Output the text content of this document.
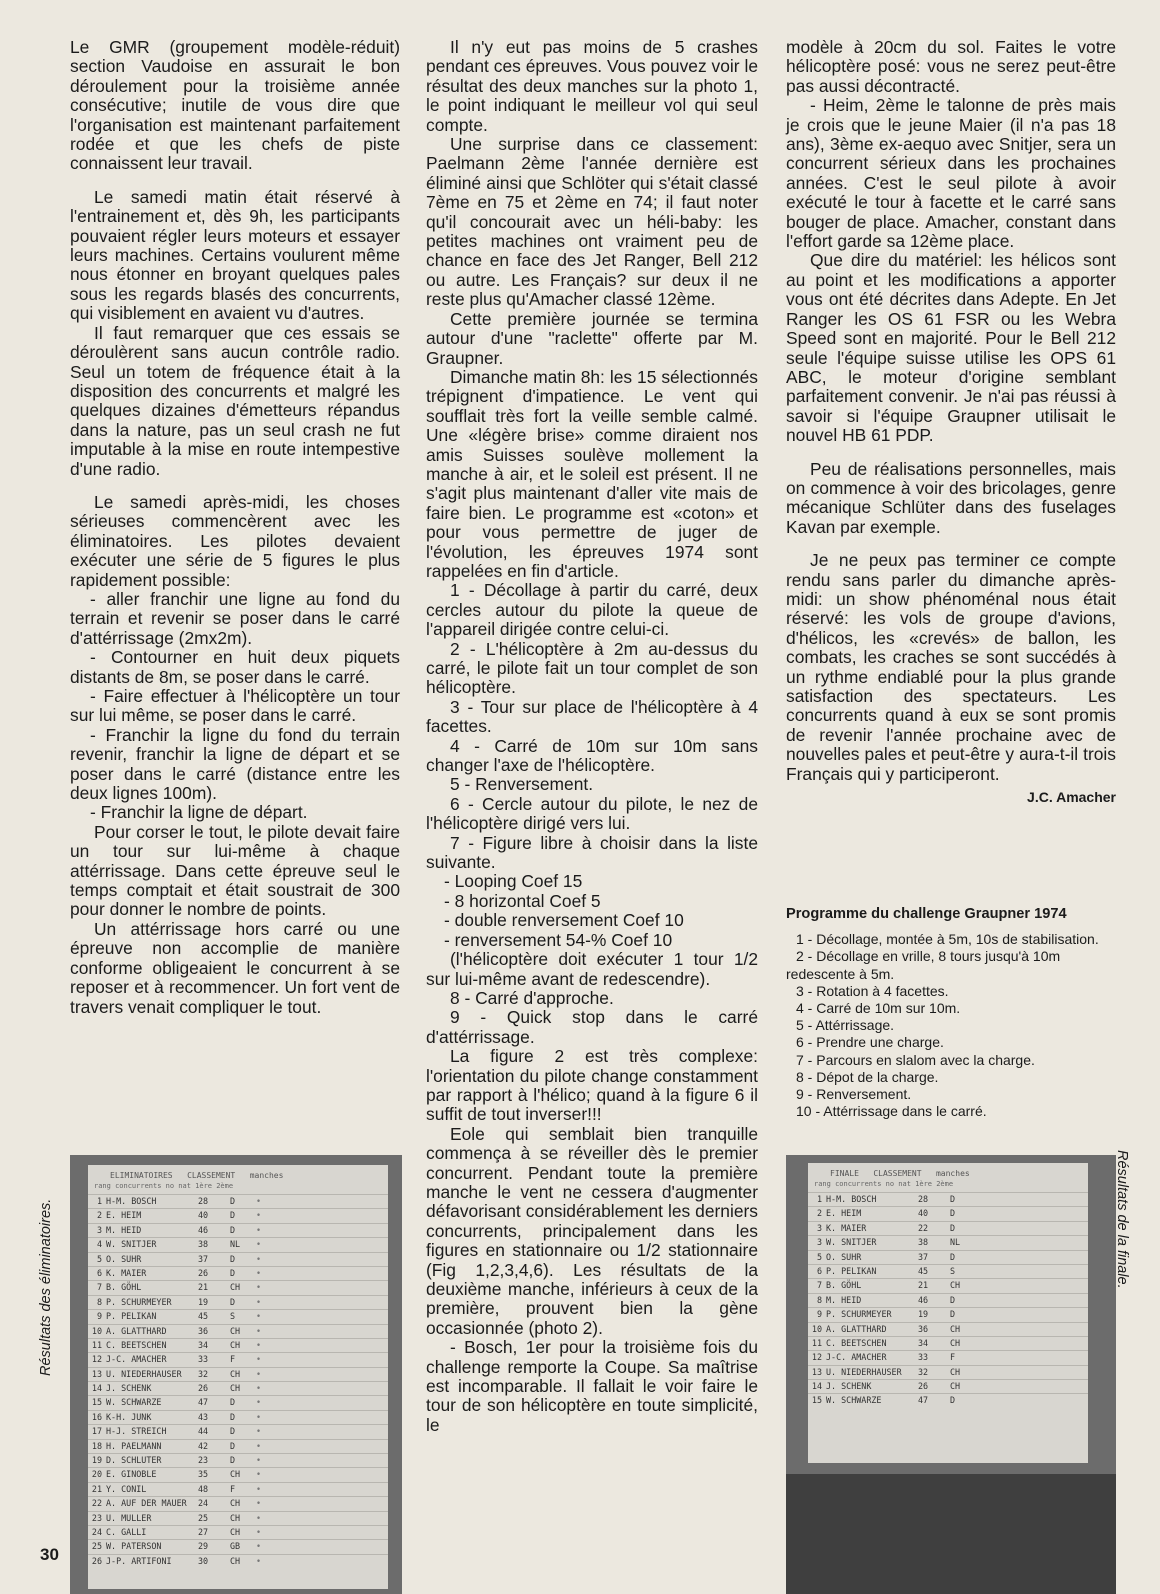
Le GMR (groupement modèle-réduit) section Vaudoise en assurait le bon déroulement pour la troisième année consécutive; inutile de vous dire que l'organisation est maintenant parfaitement rodée et que les chefs de piste connaissent leur travail.

Le samedi matin était réservé à l'entrainement et, dès 9h, les participants pouvaient régler leurs moteurs et essayer leurs machines. Certains voulurent même nous étonner en broyant quelques pales sous les regards blasés des concurrents, qui visiblement en avaient vu d'autres.

Il faut remarquer que ces essais se déroulèrent sans aucun contrôle radio. Seul un totem de fréquence était à la disposition des concurrents et malgré les quelques dizaines d'émetteurs répandus dans la nature, pas un seul crash ne fut imputable à la mise en route intempestive d'une radio.

Le samedi après-midi, les choses sérieuses commencèrent avec les éliminatoires. Les pilotes devaient exécuter une série de 5 figures le plus rapidement possible:

- aller franchir une ligne au fond du terrain et revenir se poser dans le carré d'attérrissage (2mx2m).

- Contourner en huit deux piquets distants de 8m, se poser dans le carré.

- Faire effectuer à l'hélicoptère un tour sur lui même, se poser dans le carré.

- Franchir la ligne du fond du terrain revenir, franchir la ligne de départ et se poser dans le carré (distance entre les deux lignes 100m).

- Franchir la ligne de départ.

Pour corser le tout, le pilote devait faire un tour sur lui-même à chaque attérrissage. Dans cette épreuve seul le temps comptait et était soustrait de 300 pour donner le nombre de points.

Un attérrissage hors carré ou une épreuve non accomplie de manière conforme obligeaient le concurrent à se reposer et à recommencer. Un fort vent de travers venait compliquer le tout.

Il n'y eut pas moins de 5 crashes pendant ces épreuves. Vous pouvez voir le résultat des deux manches sur la photo 1, le point indiquant le meilleur vol qui seul compte.

Une surprise dans ce classement: Paelmann 2ème l'année dernière est éliminé ainsi que Schlöter qui s'était classé 7ème en 75 et 2ème en 74; il faut noter qu'il concourait avec un héli-baby: les petites machines ont vraiment peu de chance en face des Jet Ranger, Bell 212 ou autre. Les Français? sur deux il ne reste plus qu'Amacher classé 12ème.

Cette première journée se termina autour d'une "raclette" offerte par M. Graupner.

Dimanche matin 8h: les 15 sélectionnés trépignent d'impatience. Le vent qui soufflait très fort la veille semble calmé. Une «légère brise» comme diraient nos amis Suisses soulève mollement la manche à air, et le soleil est présent. Il ne s'agit plus maintenant d'aller vite mais de faire bien. Le programme est «coton» et pour vous permettre de juger de l'évolution, les épreuves 1974 sont rappelées en fin d'article.

1 - Décollage à partir du carré, deux cercles autour du pilote la queue de l'appareil dirigée contre celui-ci.

2 - L'hélicoptère à 2m au-dessus du carré, le pilote fait un tour complet de son hélicoptère.

3 - Tour sur place de l'hélicoptère à 4 facettes.

4 - Carré de 10m sur 10m sans changer l'axe de l'hélicoptère.

5 - Renversement.

6 - Cercle autour du pilote, le nez de l'hélicoptère dirigé vers lui.

7 - Figure libre à choisir dans la liste suivante.

- Looping Coef 15

- 8 horizontal Coef 5

- double renversement Coef 10

- renversement 54-% Coef 10

(l'hélicoptère doit exécuter 1 tour 1/2 sur lui-même avant de redescendre).

8 - Carré d'approche.

9 - Quick stop dans le carré d'attérrissage.

La figure 2 est très complexe: l'orientation du pilote change constamment par rapport à l'hélico; quand à la figure 6 il suffit de tout inverser!!!

Eole qui semblait bien tranquille commença à se réveiller dès le premier concurrent. Pendant toute la première manche le vent ne cessera d'augmenter défavorisant considérablement les derniers concurrents, principalement dans les figures en stationnaire ou 1/2 stationnaire (Fig 1,2,3,4,6). Les résultats de la deuxième manche, inférieurs à ceux de la première, prouvent bien la gène occasionnée (photo 2).

- Bosch, 1er pour la troisième fois du challenge remporte la Coupe. Sa maîtrise est incomparable. Il fallait le voir faire le tour de son hélicoptère en toute simplicité, le

modèle à 20cm du sol. Faites le votre hélicoptère posé: vous ne serez peut-être pas aussi décontracté.

- Heim, 2ème le talonne de près mais je crois que le jeune Maier (il n'a pas 18 ans), 3ème ex-aequo avec Snitjer, sera un concurrent sérieux dans les prochaines années. C'est le seul pilote à avoir exécuté le tour à facette et le carré sans bouger de place. Amacher, constant dans l'effort garde sa 12ème place.

Que dire du matériel: les hélicos sont au point et les modifications a apporter vous ont été décrites dans Adepte. En Jet Ranger les OS 61 FSR ou les Webra Speed sont en majorité. Pour le Bell 212 seule l'équipe suisse utilise les OPS 61 ABC, le moteur d'origine semblant parfaitement convenir. Je n'ai pas réussi à savoir si l'équipe Graupner utilisait le nouvel HB 61 PDP.

Peu de réalisations personnelles, mais on commence à voir des bricolages, genre mécanique Schlüter dans des fuselages Kavan par exemple.

Je ne peux pas terminer ce compte rendu sans parler du dimanche après-midi: un show phénoménal nous était réservé: les vols de groupe d'avions, d'hélicos, les «crevés» de ballon, les combats, les craches se sont succédés à un rythme endiablé pour la plus grande satisfaction des spectateurs. Les concurrents quand à eux se sont promis de revenir l'année prochaine avec de nouvelles pales et peut-être y aura-t-il trois Français qui y participeront.

J.C. Amacher
Programme du challenge Graupner 1974
1 - Décollage, montée à 5m, 10s de stabilisation.
2 - Décollage en vrille, 8 tours jusqu'à 10m redescente à 5m.
3 - Rotation à 4 facettes.
4 - Carré de 10m sur 10m.
5 - Attérrissage.
6 - Prendre une charge.
7 - Parcours en slalom avec la charge.
8 - Dépot de la charge.
9 - Renversement.
10 - Attérrissage dans le carré.
ELIMINATOIRES CLASSEMENT manches
rang concurrents no nat 1ère 2ème
1 H-M. BOSCH	28	D	•
2 E. HEIM	40	D	•
3 M. HEID	46	D	•
4 W. SNITJER	38	NL	•
5 O. SUHR	37	D	•
6 K. MAIER	26	D	•
7 B. GÖHL	21	CH	•
8 P. SCHURMEYER	19	D	•
9 P. PELIKAN	45	S	•
10 A. GLATTHARD	36	CH	•
11 C. BEETSCHEN	34	CH	•
12 J-C. AMACHER	33	F	•
13 U. NIEDERHAUSER	32	CH	•
14 J. SCHENK	26	CH	•
15 W. SCHWARZE	47	D	•
16 K-H. JUNK	43	D	•
17 H-J. STREICH	44	D	•
18 H. PAELMANN	42	D	•
19 D. SCHLUTER	23	D	•
20 E. GINOBLE	35	CH	•
21 Y. CONIL	48	F	•
22 A. AUF DER MAUER	24	CH	•
23 U. MULLER	25	CH	•
24 C. GALLI	27	CH	•
25 W. PATERSON	29	GB	•
26 J-P. ARTIFONI	30	CH	•
FINALE CLASSEMENT manches
rang concurrents no nat 1ère 2ème
1 H-M. BOSCH	28	D
2 E. HEIM	40	D
3 K. MAIER	22	D
3 W. SNITJER	38	NL
5 O. SUHR	37	D
6 P. PELIKAN	45	S
7 B. GÖHL	21	CH
8 M. HEID	46	D
9 P. SCHURMEYER	19	D
10 A. GLATTHARD	36	CH
11 C. BEETSCHEN	34	CH
12 J-C. AMACHER	33	F
13 U. NIEDERHAUSER	32	CH
14 J. SCHENK	26	CH
15 W. SCHWARZE	47	D
Résultats des éliminatoires.	Résultats de la finale.
30
